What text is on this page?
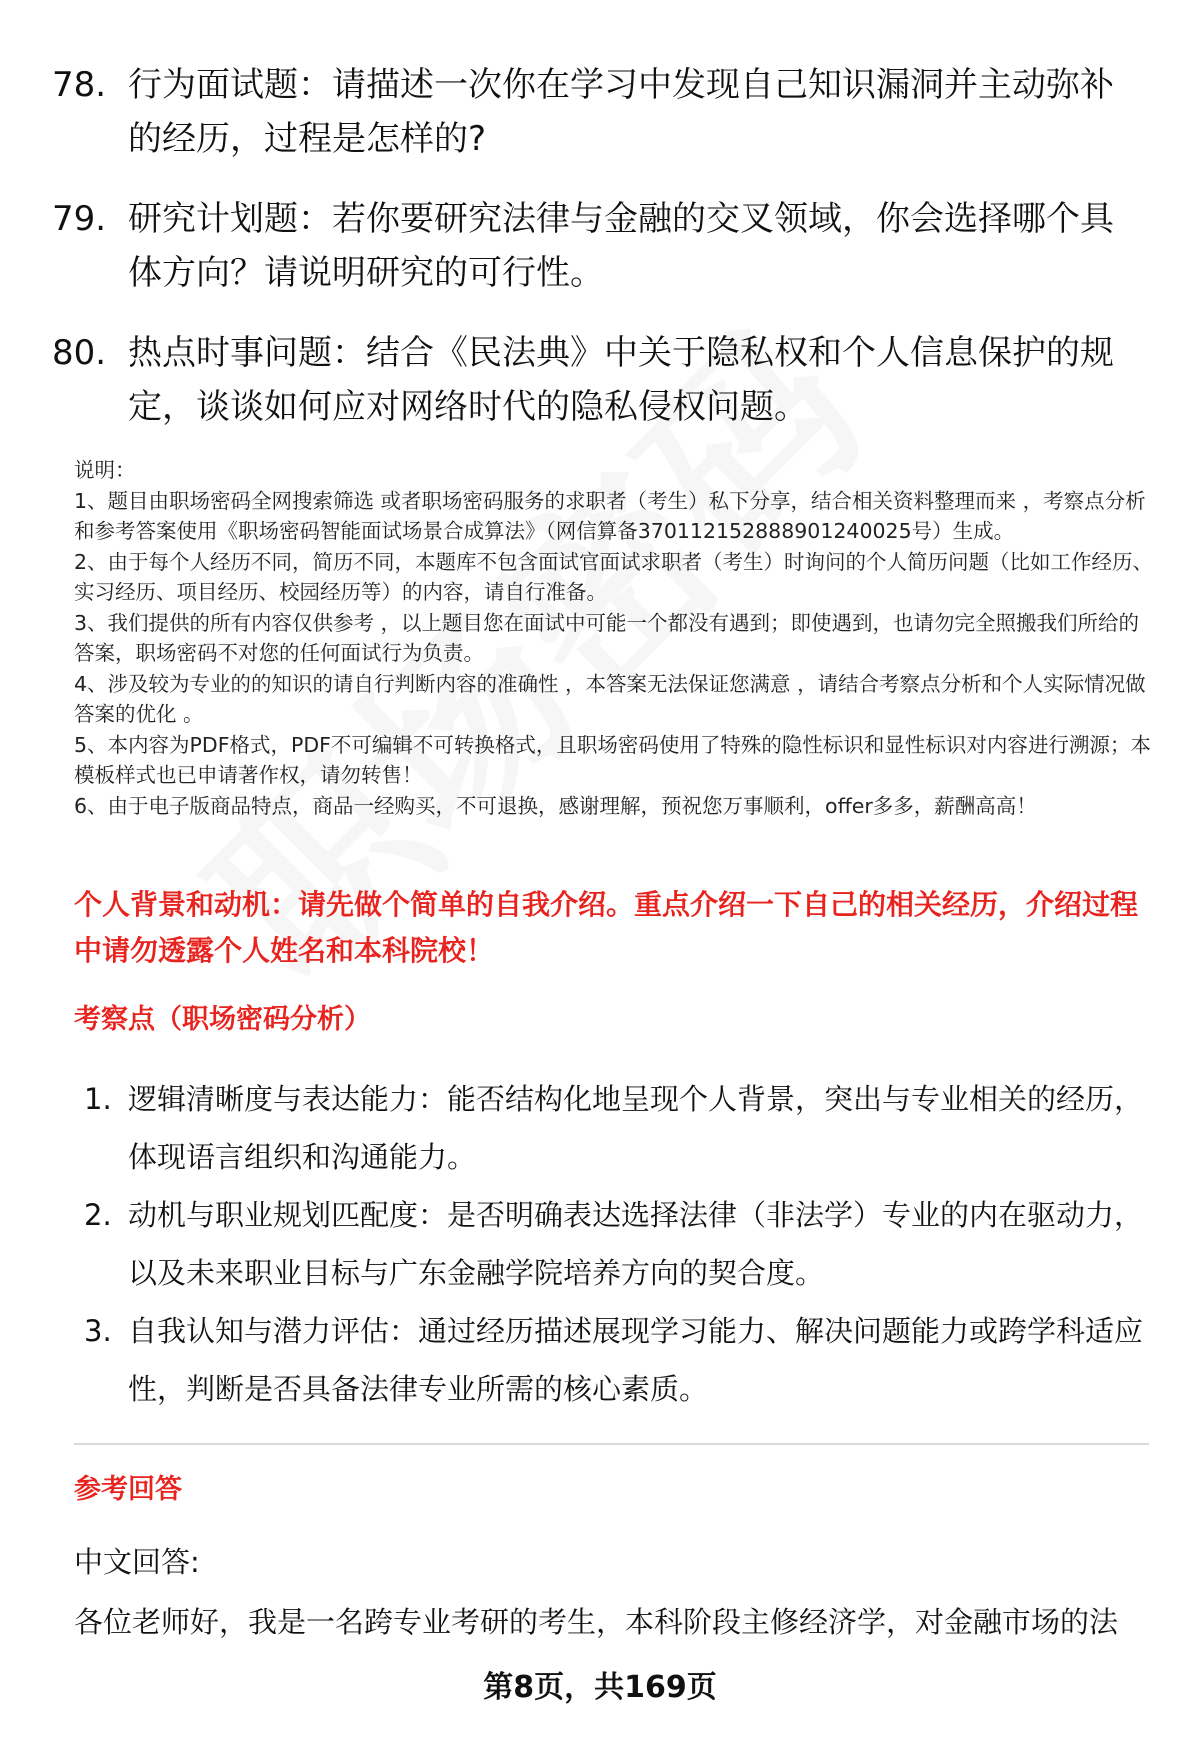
78. 行为面试题：请描述一次你在学习中发现自己知识漏洞并主动弥补的经历，过程是怎样的?
79. 研究计划题：若你要研究法律与金融的交叉领域，你会选择哪个具体方向？请说明研究的可行性。
80. 热点时事问题：结合《民法典》中关于隐私权和个人信息保护的规定，谈谈如何应对网络时代的隐私侵权问题。

说明：

1、题目由职场密码全网搜索筛选 或者职场密码服务的求职者（考生）私下分享，结合相关资料整理而来 ，考察点分析和参考答案使用《职场密码智能面试场景合成算法》（网信算备370112152888901240025号）生成。

2、由于每个人经历不同，简历不同，本题库不包含面试官面试求职者（考生）时询问的个人简历问题（比如工作经历、实习经历、项目经历、校园经历等）的内容，请自行准备。

3、我们提供的所有内容仅供参考 ，以上题目您在面试中可能一个都没有遇到；即使遇到，也请勿完全照搬我们所给的答案，职场密码不对您的任何面试行为负责。

4、涉及较为专业的的知识的请自行判断内容的准确性 ，本答案无法保证您满意 ，请结合考察点分析和个人实际情况做答案的优化 。

5、本内容为PDF格式，PDF不可编辑不可转换格式，且职场密码使用了特殊的隐性标识和显性标识对内容进行溯源；本模板样式也已申请著作权，请勿转售！

6、由于电子版商品特点，商品一经购买，不可退换，感谢理解，预祝您万事顺利，offer多多，薪酬高高！

个人背景和动机：请先做个简单的自我介绍。重点介绍一下自己的相关经历，介绍过程中请勿透露个人姓名和本科院校！
考察点（职场密码分析）
1. 逻辑清晰度与表达能力：能否结构化地呈现个人背景，突出与专业相关的经历，体现语言组织和沟通能力。
2. 动机与职业规划匹配度：是否明确表达选择法律（非法学）专业的内在驱动力，以及未来职业目标与广东金融学院培养方向的契合度。
3. 自我认知与潜力评估：通过经历描述展现学习能力、解决问题能力或跨学科适应性，判断是否具备法律专业所需的核心素质。
参考回答
中文回答:
各位老师好，我是一名跨专业考研的考生，本科阶段主修经济学，对金融市场的法
第8页，共169页
